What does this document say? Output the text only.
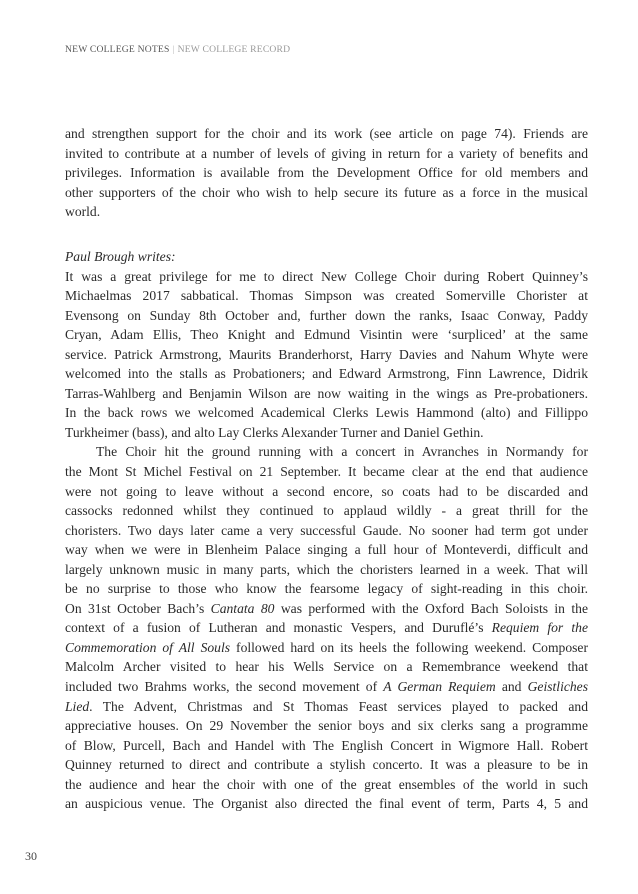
NEW COLLEGE NOTES | NEW COLLEGE RECORD
and strengthen support for the choir and its work (see article on page 74). Friends are
invited to contribute at a number of levels of giving in return for a variety of benefits and
privileges. Information is available from the Development Office for old members and
other supporters of the choir who wish to help secure its future as a force in the musical
world.
Paul Brough writes:
It was a great privilege for me to direct New College Choir during Robert Quinney’s
Michaelmas 2017 sabbatical. Thomas Simpson was created Somerville Chorister at
Evensong on Sunday 8th October and, further down the ranks, Isaac Conway, Paddy
Cryan, Adam Ellis, Theo Knight and Edmund Visintin were ‘surpliced’ at the same
service. Patrick Armstrong, Maurits Branderhorst, Harry Davies and Nahum Whyte were
welcomed into the stalls as Probationers; and Edward Armstrong, Finn Lawrence, Didrik
Tarras-Wahlberg and Benjamin Wilson are now waiting in the wings as Pre-probationers.
In the back rows we welcomed Academical Clerks Lewis Hammond (alto) and Fillippo
Turkheimer (bass), and alto Lay Clerks Alexander Turner and Daniel Gethin.
The Choir hit the ground running with a concert in Avranches in Normandy for
the Mont St Michel Festival on 21 September. It became clear at the end that audience
were not going to leave without a second encore, so coats had to be discarded and
cassocks redonned whilst they continued to applaud wildly - a great thrill for the
choristers. Two days later came a very successful Gaude. No sooner had term got under
way when we were in Blenheim Palace singing a full hour of Monteverdi, difficult and
largely unknown music in many parts, which the choristers learned in a week. That will
be no surprise to those who know the fearsome legacy of sight-reading in this choir.
On 31st October Bach’s Cantata 80 was performed with the Oxford Bach Soloists in the
context of a fusion of Lutheran and monastic Vespers, and Duruflé’s Requiem for the
Commemoration of All Souls followed hard on its heels the following weekend. Composer
Malcolm Archer visited to hear his Wells Service on a Remembrance weekend that
included two Brahms works, the second movement of A German Requiem and Geistliches
Lied. The Advent, Christmas and St Thomas Feast services played to packed and
appreciative houses. On 29 November the senior boys and six clerks sang a programme
of Blow, Purcell, Bach and Handel with The English Concert in Wigmore Hall. Robert
Quinney returned to direct and contribute a stylish concerto. It was a pleasure to be in
the audience and hear the choir with one of the great ensembles of the world in such
an auspicious venue. The Organist also directed the final event of term, Parts 4, 5 and
30
